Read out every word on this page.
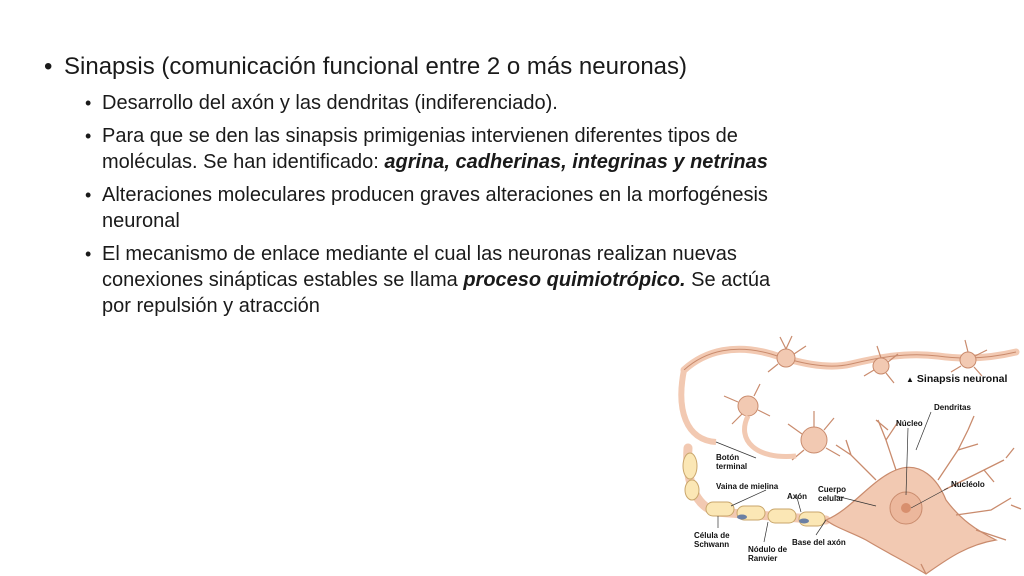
• Sinapsis (comunicación funcional entre 2 o más neuronas)
• Desarrollo del axón y las dendritas (indiferenciado).
• Para que se den las sinapsis primigenias intervienen diferentes tipos de moléculas. Se han identificado: agrina, cadherinas, integrinas y netrinas
• Alteraciones moleculares producen graves alteraciones en la morfogénesis neuronal
• El mecanismo de enlace mediante el cual las neuronas realizan nuevas conexiones sinápticas estables se llama proceso quimiotrópico. Se actúa por repulsión y atracción
▲ Sinapsis neuronal
Dendritas
Núcleo
Botón terminal
Nucléolo
Vaina de mielina
Axón
Cuerpo celular
Célula de Schwann	Base del axón
Nódulo de Ranvier
